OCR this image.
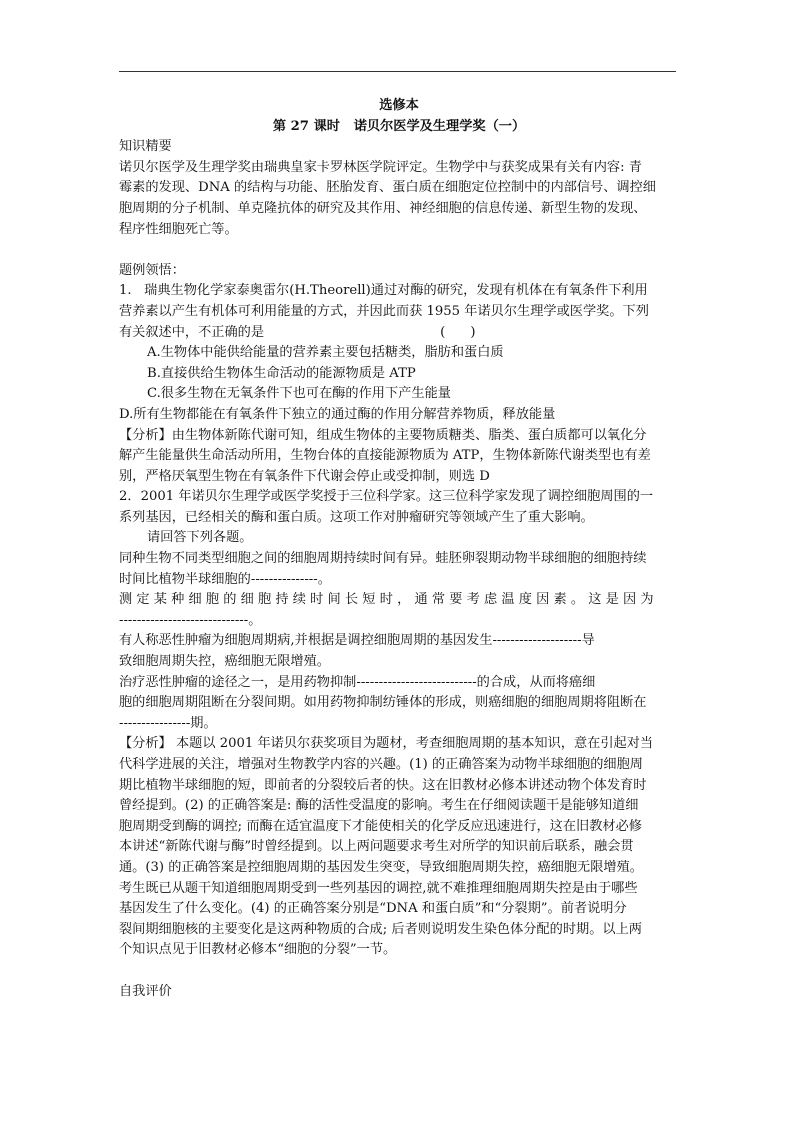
选修本
第 27 课时   诺贝尔医学及生理学奖（一）
知识精要
诺贝尔医学及生理学奖由瑞典皇家卡罗林医学院评定。生物学中与获奖成果有关有内容: 青
霉素的发现、DNA 的结构与功能、胚胎发育、蛋白质在细胞定位控制中的内部信号、调控细
胞周期的分子机制、单克隆抗体的研究及其作用、神经细胞的信息传递、新型生物的发现、
程序性细胞死亡等。
题例领悟：
1.   瑞典生物化学家泰奥雷尔(H.Theorell)通过对酶的研究，发现有机体在有氧条件下利用
营养素以产生有机体可利用能量的方式，并因此而获 1955 年诺贝尔生理学或医学奖。下列
有关叙述中，不正确的是                                          (      )
A.生物体中能供给能量的营养素主要包括糖类，脂肪和蛋白质
B.直接供给生物体生命活动的能源物质是 ATP
C.很多生物在无氧条件下也可在酶的作用下产生能量
D.所有生物都能在有氧条件下独立的通过酶的作用分解营养物质，释放能量
【分析】由生物体新陈代谢可知，组成生物体的主要物质糖类、脂类、蛋白质都可以氧化分
解产生能量供生命活动所用，生物台体的直接能源物质为 ATP，生物体新陈代谢类型也有差
别，严格厌氧型生物在有氧条件下代谢会停止或受抑制，则选 D
2．2001 年诺贝尔生理学或医学奖授于三位科学家。这三位科学家发现了调控细胞周围的一
系列基因，已经相关的酶和蛋白质。这项工作对肿瘤研究等领域产生了重大影响。
请回答下列各题。
同种生物不同类型细胞之间的细胞周期持续时间有异。蛙胚卵裂期动物半球细胞的细胞持续
时间比植物半球细胞的---------------。
测 定 某 种 细 胞 的 细 胞 持 续 时 间 长 短 时 ， 通 常 要 考 虑 温 度 因 素 。 这 是 因 为
-----------------------------。
有人称恶性肿瘤为细胞周期病,并根据是调控细胞周期的基因发生--------------------导
致细胞周期失控，癌细胞无限增殖。
治疗恶性肿瘤的途径之一，是用药物抑制---------------------------的合成，从而将癌细
胞的细胞周期阻断在分裂间期。如用药物抑制纺锤体的形成，则癌细胞的细胞周期将阻断在
----------------期。
【分析】 本题以 2001 年诺贝尔获奖项目为题材，考查细胞周期的基本知识，意在引起对当
代科学进展的关注，增强对生物教学内容的兴趣。(1) 的正确答案为动物半球细胞的细胞周
期比植物半球细胞的短，即前者的分裂较后者的快。这在旧教材必修本讲述动物个体发育时
曾经提到。(2) 的正确答案是: 酶的活性受温度的影响。考生在仔细阅读题干是能够知道细
胞周期受到酶的调控; 而酶在适宜温度下才能使相关的化学反应迅速进行，这在旧教材必修
本讲述“新陈代谢与酶”时曾经提到。以上两问题要求考生对所学的知识前后联系，融会贯
通。(3) 的正确答案是控细胞周期的基因发生突变，导致细胞周期失控，癌细胞无限增殖。
考生既已从题干知道细胞周期受到一些列基因的调控,就不难推理细胞周期失控是由于哪些
基因发生了什么变化。(4) 的正确答案分别是“DNA 和蛋白质”和“分裂期”。前者说明分
裂间期细胞核的主要变化是这两种物质的合成; 后者则说明发生染色体分配的时期。以上两
个知识点见于旧教材必修本“细胞的分裂”一节。
自我评价
